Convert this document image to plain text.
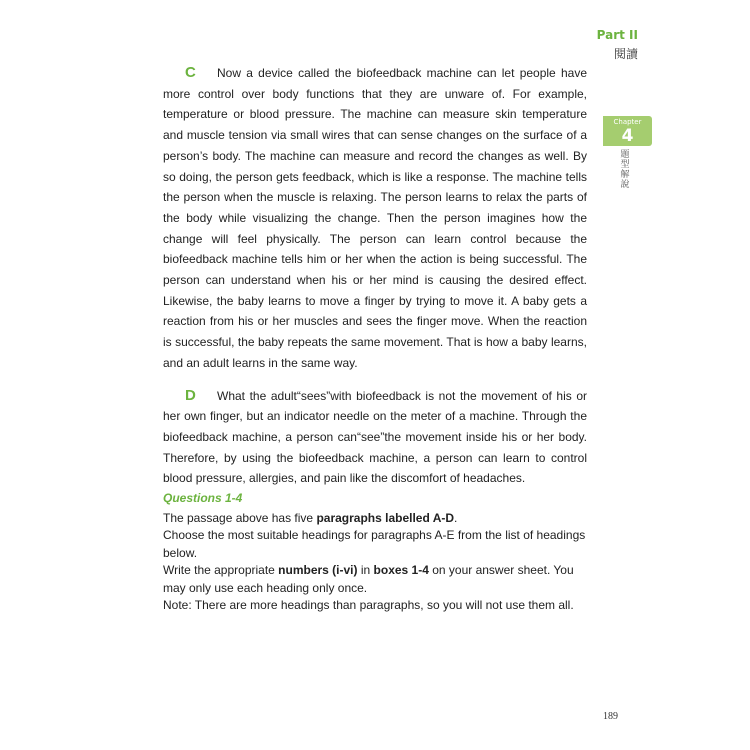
Part II
閱讀
Chapter
4
題型解說

C Now a device called the biofeedback machine can let people have more control over body functions that they are unware of. For example, temperature or blood pressure. The machine can measure skin temperature and muscle tension via small wires that can sense changes on the surface of a person’s body. The machine can measure and record the changes as well. By so doing, the person gets feedback, which is like a response. The machine tells the person when the muscle is relaxing. The person learns to relax the parts of the body while visualizing the change. Then the person imagines how the change will feel physically. The person can learn control because the biofeedback machine tells him or her when the action is being successful. The person can understand when his or her mind is causing the desired effect. Likewise, the baby learns to move a finger by trying to move it. A baby gets a reaction from his or her muscles and sees the finger move. When the reaction is successful, the baby repeats the same movement. That is how a baby learns, and an adult learns in the same way.

D What the adult“sees”with biofeedback is not the movement of his or her own finger, but an indicator needle on the meter of a machine. Through the biofeedback machine, a person can“see”the movement inside his or her body. Therefore, by using the biofeedback machine, a person can learn to control blood pressure, allergies, and pain like the discomfort of headaches.

Questions 1-4

The passage above has five paragraphs labelled A-D.

Choose the most suitable headings for paragraphs A-E from the list of headings below.

Write the appropriate numbers (i-vi) in boxes 1-4 on your answer sheet. You may only use each heading only once.

Note: There are more headings than paragraphs, so you will not use them all.

189
